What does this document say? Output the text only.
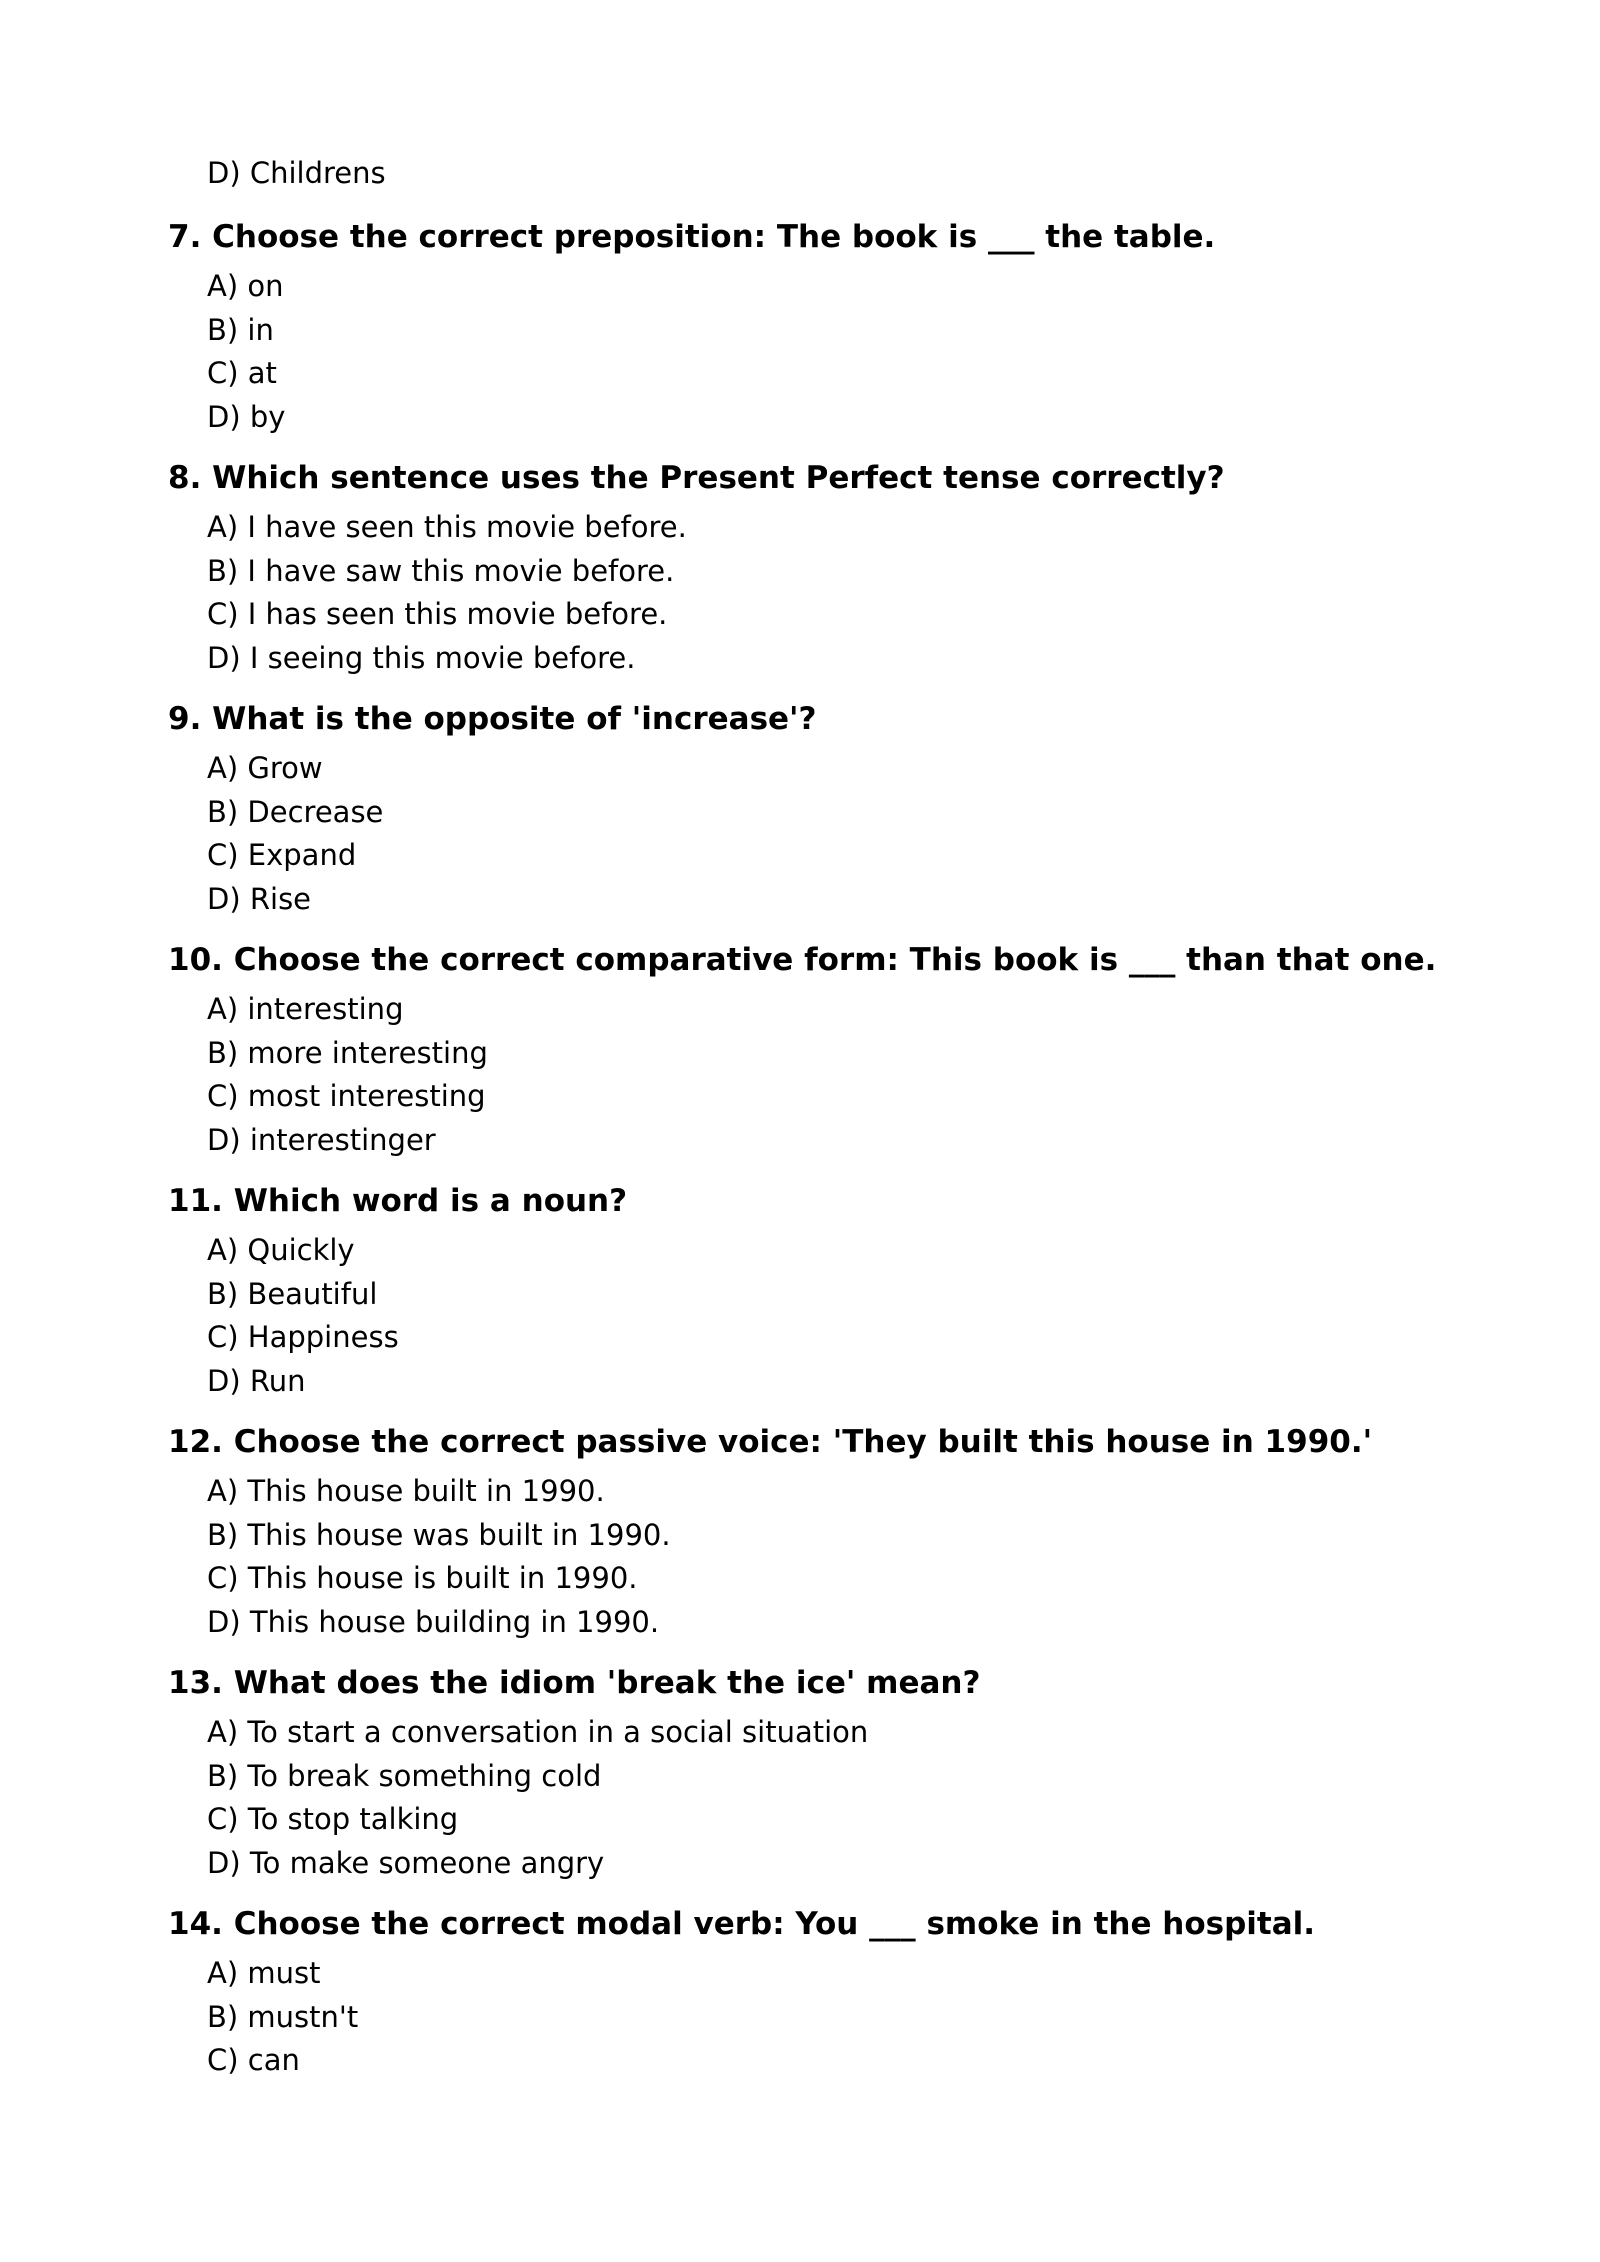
D) Childrens

7. Choose the correct preposition: The book is ___ the table.

A) on
B) in
C) at
D) by

8. Which sentence uses the Present Perfect tense correctly?

A) I have seen this movie before.
B) I have saw this movie before.
C) I has seen this movie before.
D) I seeing this movie before.

9. What is the opposite of 'increase'?

A) Grow
B) Decrease
C) Expand
D) Rise

10. Choose the correct comparative form: This book is ___ than that one.

A) interesting
B) more interesting
C) most interesting
D) interestinger

11. Which word is a noun?

A) Quickly
B) Beautiful
C) Happiness
D) Run

12. Choose the correct passive voice: 'They built this house in 1990.'

A) This house built in 1990.
B) This house was built in 1990.
C) This house is built in 1990.
D) This house building in 1990.

13. What does the idiom 'break the ice' mean?

A) To start a conversation in a social situation
B) To break something cold
C) To stop talking
D) To make someone angry

14. Choose the correct modal verb: You ___ smoke in the hospital.

A) must
B) mustn't
C) can
